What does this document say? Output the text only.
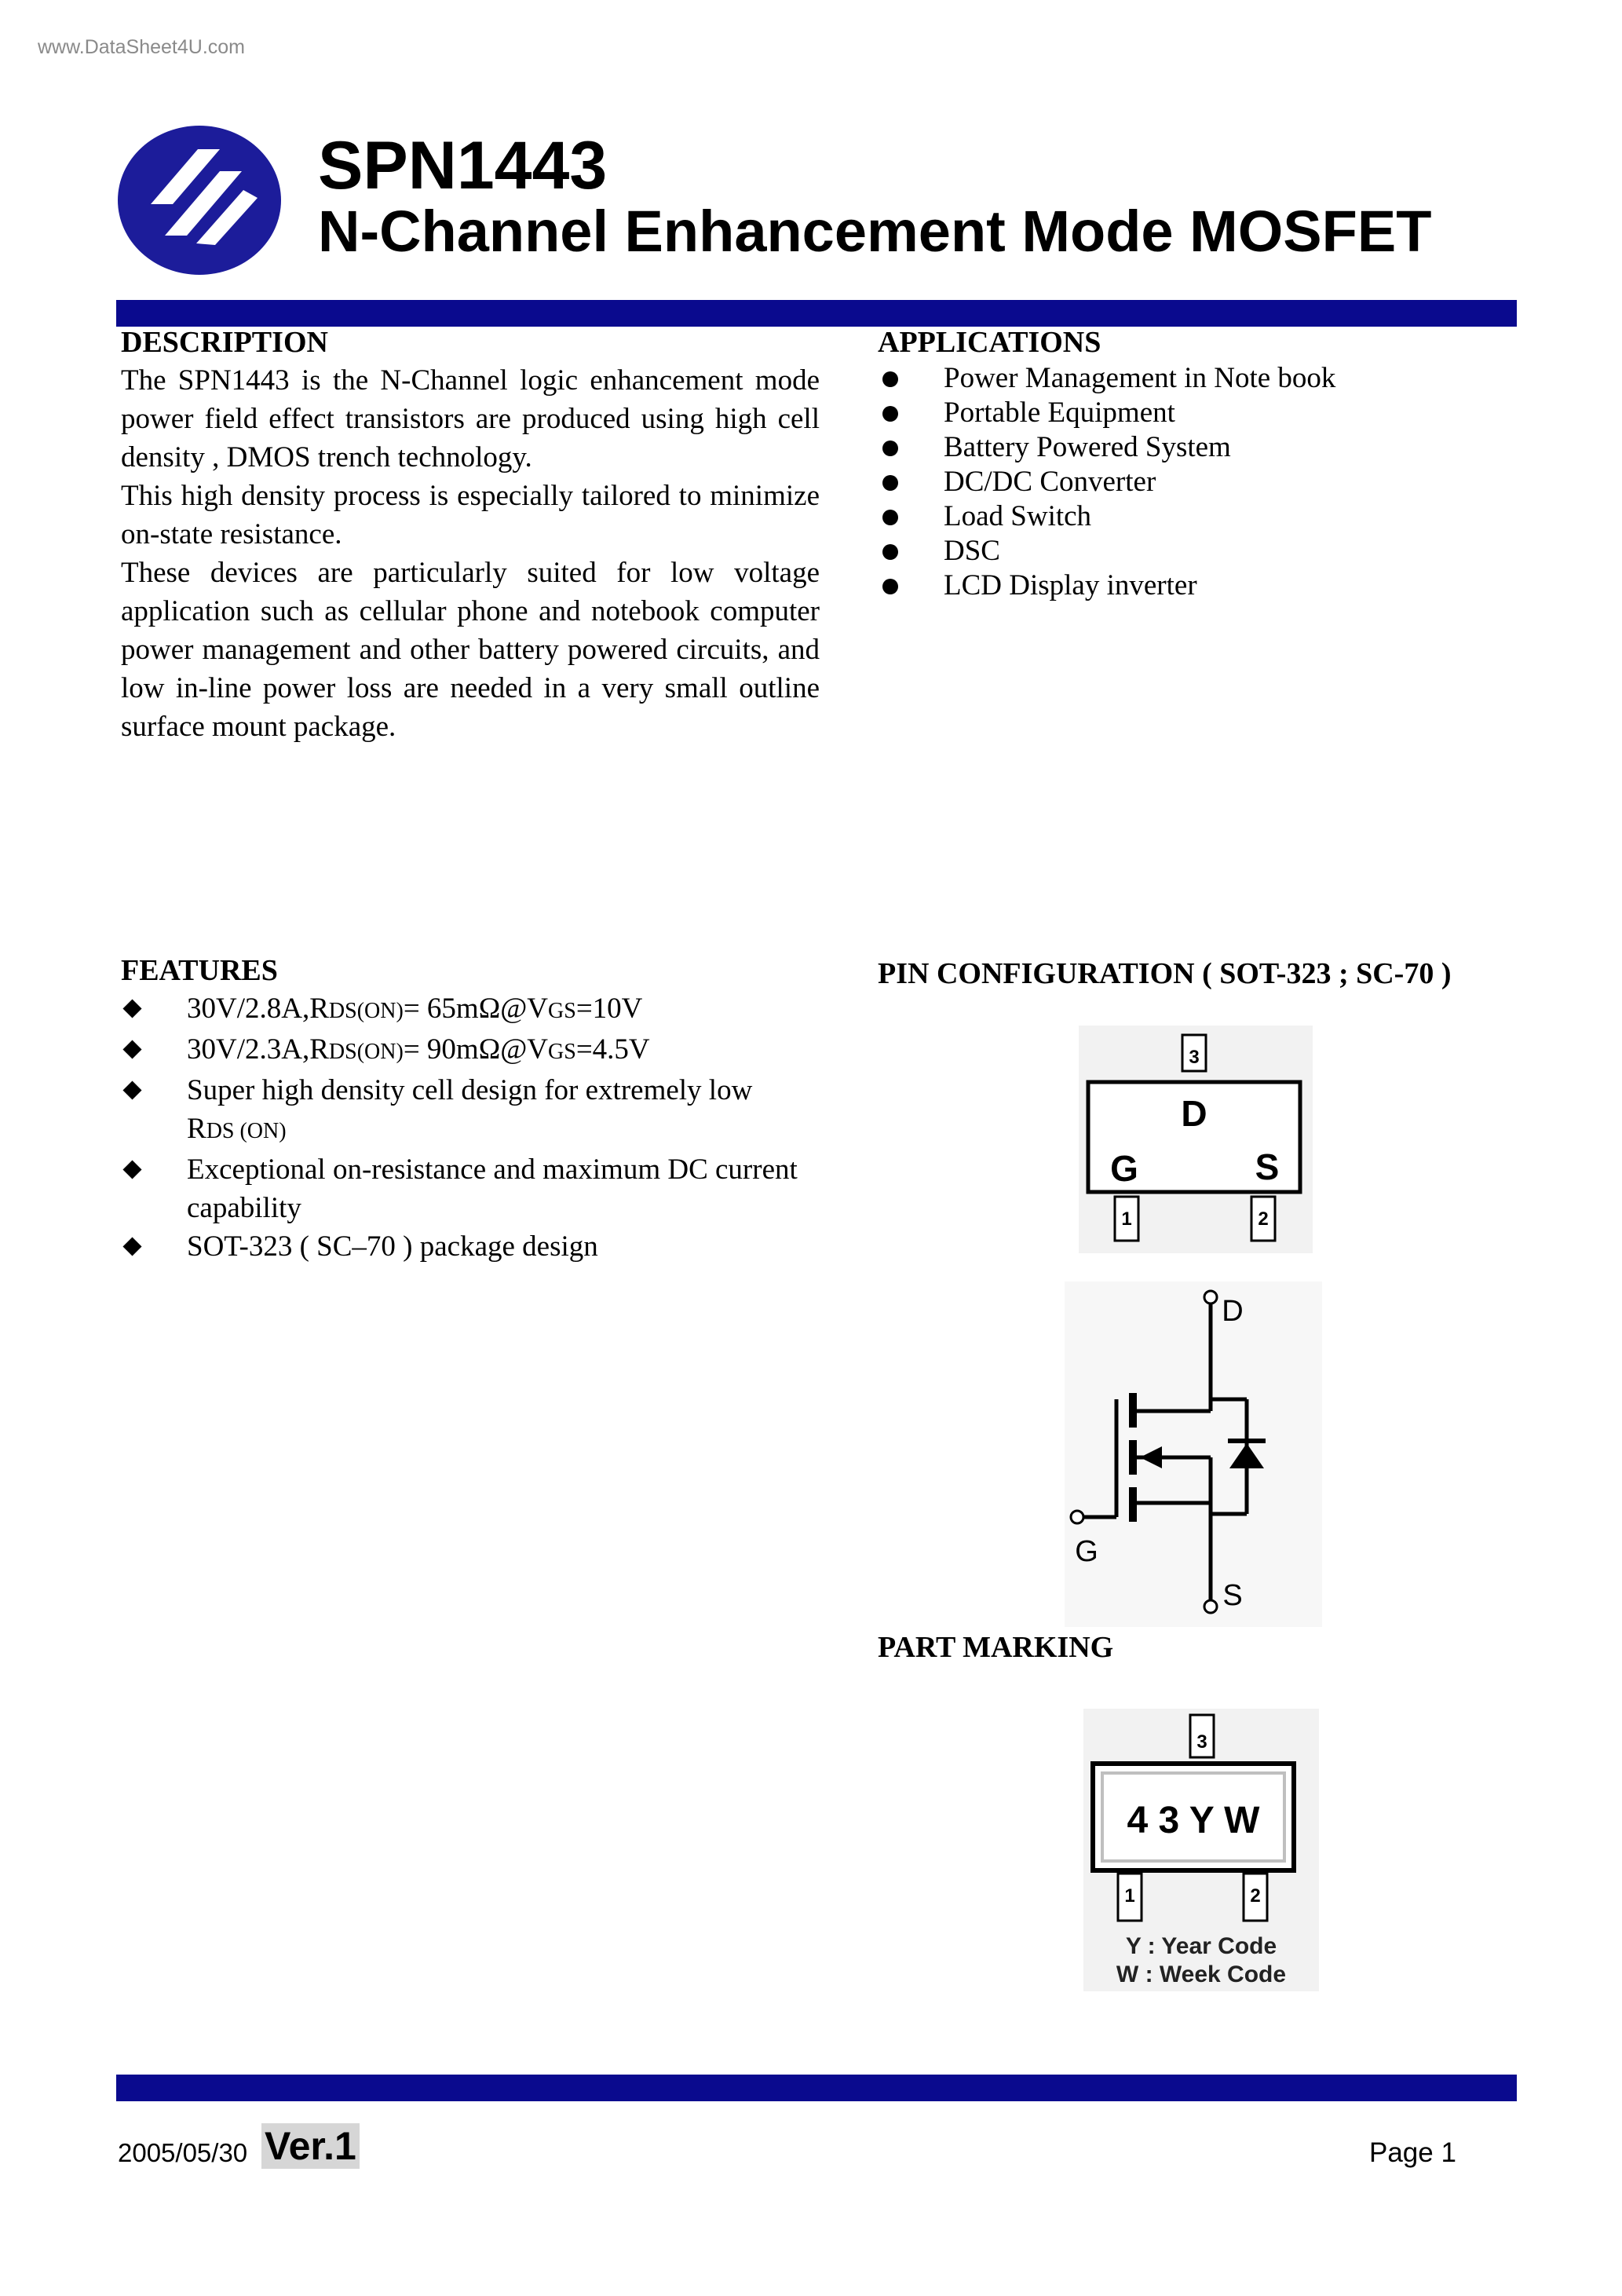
www.DataSheet4U.com
SPN1443
N-Channel Enhancement Mode MOSFET
DESCRIPTION

The SPN1443 is the N-Channel logic enhancement mode power field effect transistors are produced using high cell density , DMOS trench technology.

This high density process is especially tailored to minimize on-state resistance.

These devices are particularly suited for low voltage application such as cellular phone and notebook computer power management and other battery powered circuits, and low in-line power loss are needed in a very small outline surface mount package.

APPLICATIONS
Power Management in Note book
Portable Equipment
Battery Powered System
DC/DC Converter
Load Switch
DSC
LCD Display inverter
FEATURES
30V/2.8A,RDS(ON)= 65mΩ@VGS=10V
30V/2.3A,RDS(ON)= 90mΩ@VGS=4.5V
Super high density cell design for extremely low
RDS (ON)
Exceptional on-resistance and maximum DC current capability
SOT-323 ( SC–70 ) package design
PIN CONFIGURATION ( SOT-323 ; SC-70 )
3
D
G	S
1	2
D
G
S
PART MARKING
3
4 3 Y W
1	2
Y : Year Code
W : Week Code
2005/05/30 Ver.1	Page 1
